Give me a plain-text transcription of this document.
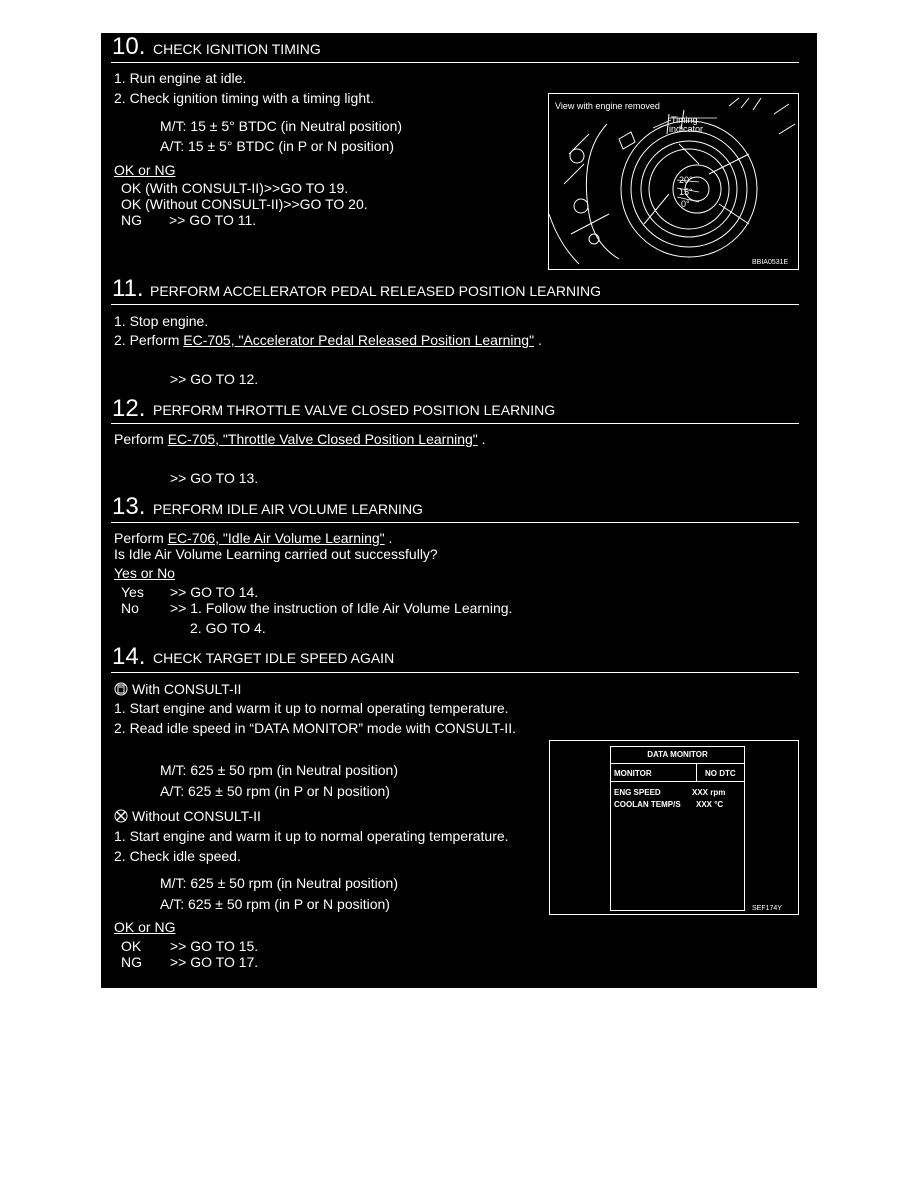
10. CHECK IGNITION TIMING
1. Run engine at idle.
2. Check ignition timing with a timing light.
M/T: 15 ± 5° BTDC (in Neutral position)
A/T: 15 ± 5° BTDC (in P or N position)
OK or NG
OK (With CONSULT-II)>>GO TO 19.
OK (Without CONSULT-II)>>GO TO 20.
NG >> GO TO 11.
View with engine removed
Timing
indicator
20°
15°
0°
BBIA0531E
11. PERFORM ACCELERATOR PEDAL RELEASED POSITION LEARNING
1. Stop engine.
2. Perform EC-705, "Accelerator Pedal Released Position Learning" .
>> GO TO 12.
12. PERFORM THROTTLE VALVE CLOSED POSITION LEARNING
Perform EC-705, "Throttle Valve Closed Position Learning" .
>> GO TO 13.
13. PERFORM IDLE AIR VOLUME LEARNING
Perform EC-706, "Idle Air Volume Learning" .
Is Idle Air Volume Learning carried out successfully?
Yes or No
Yes >> GO TO 14.
No >> 1. Follow the instruction of Idle Air Volume Learning.
2. GO TO 4.
14. CHECK TARGET IDLE SPEED AGAIN
With CONSULT-II
1. Start engine and warm it up to normal operating temperature.
2. Read idle speed in “DATA MONITOR” mode with CONSULT-II.
M/T: 625 ± 50 rpm (in Neutral position)
A/T: 625 ± 50 rpm (in P or N position)
Without CONSULT-II
1. Start engine and warm it up to normal operating temperature.
2. Check idle speed.
M/T: 625 ± 50 rpm (in Neutral position)
A/T: 625 ± 50 rpm (in P or N position)
OK or NG
OK >> GO TO 15.
NG >> GO TO 17.
DATA MONITOR
MONITOR	NO DTC
ENG SPEED	XXX rpm
COOLAN TEMP/S XXX °C
SEF174Y
